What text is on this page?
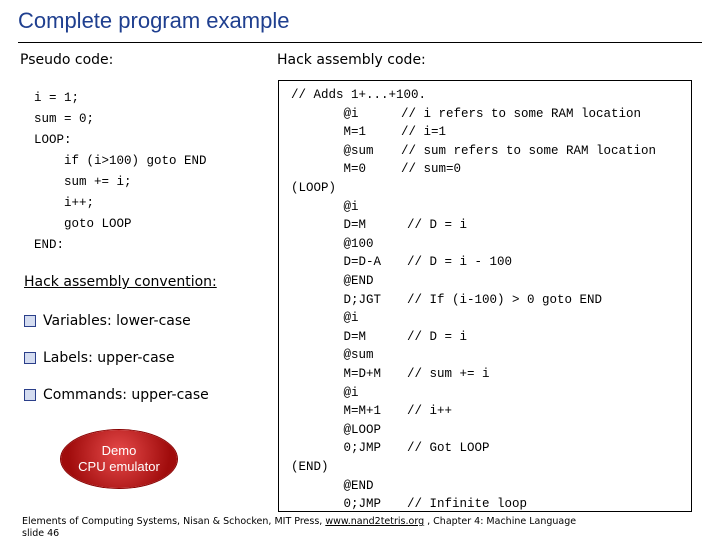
Complete program example
Pseudo code:	Hack assembly code:
i = 1;
sum = 0;
LOOP:
if (i>100) goto END
sum += i;
i++;
goto LOOP
END:
Hack assembly convention:
Variables: lower-case
Labels: upper-case
Commands: upper-case
Demo
CPU emulator
// Adds 1+...+100.
@i	// i refers to some RAM location
M=1	// i=1
@sum // sum refers to some RAM location
M=0	// sum=0
(LOOP)
@i
D=M	// D = i
@100
D=D-A // D = i - 100
@END
D;JGT // If (i-100) > 0 goto END
@i
D=M	// D = i
@sum
M=D+M // sum += i
@i
M=M+1 // i++
@LOOP
0;JMP // Got LOOP
(END)
@END
0;JMP // Infinite loop
Elements of Computing Systems, Nisan & Schocken, MIT Press, www.nand2tetris.org , Chapter 4: Machine Language
slide 46
